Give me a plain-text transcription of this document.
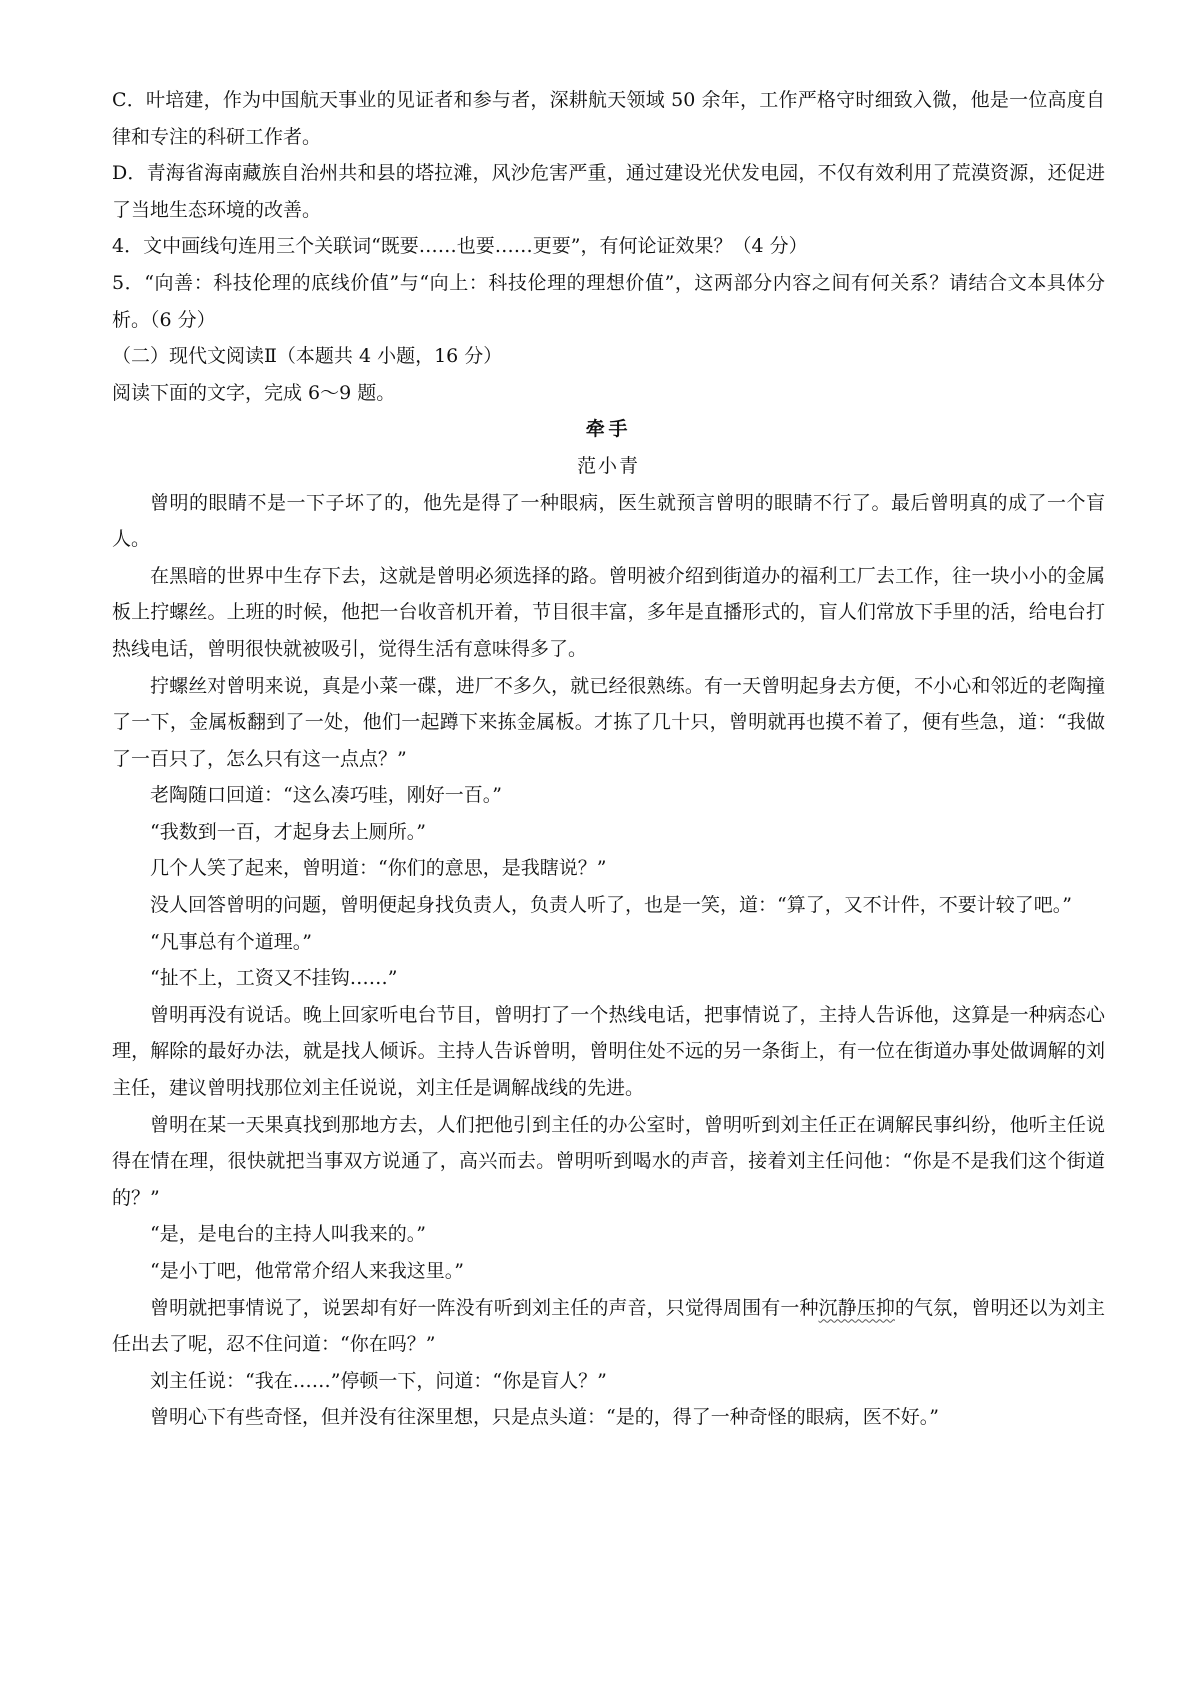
C．叶培建，作为中国航天事业的见证者和参与者，深耕航天领域 50 余年，工作严格守时细致入微，他是一位高度自律和专注的科研工作者。

D．青海省海南藏族自治州共和县的塔拉滩，风沙危害严重，通过建设光伏发电园，不仅有效利用了荒漠资源，还促进了当地生态环境的改善。

4．文中画线句连用三个关联词“既要……也要……更要”，有何论证效果？（4 分）

5．“向善：科技伦理的底线价值”与“向上：科技伦理的理想价值”，这两部分内容之间有何关系？请结合文本具体分析。（6 分）

（二）现代文阅读Ⅱ（本题共 4 小题，16 分）

阅读下面的文字，完成 6～9 题。

牵手

范小青

曾明的眼睛不是一下子坏了的，他先是得了一种眼病，医生就预言曾明的眼睛不行了。最后曾明真的成了一个盲人。

在黑暗的世界中生存下去，这就是曾明必须选择的路。曾明被介绍到街道办的福利工厂去工作，往一块小小的金属板上拧螺丝。上班的时候，他把一台收音机开着，节目很丰富，多年是直播形式的，盲人们常放下手里的活，给电台打热线电话，曾明很快就被吸引，觉得生活有意味得多了。

拧螺丝对曾明来说，真是小菜一碟，进厂不多久，就已经很熟练。有一天曾明起身去方便，不小心和邻近的老陶撞了一下，金属板翻到了一处，他们一起蹲下来拣金属板。才拣了几十只，曾明就再也摸不着了，便有些急，道：“我做了一百只了，怎么只有这一点点？”

老陶随口回道：“这么凑巧哇，刚好一百。”

“我数到一百，才起身去上厕所。”

几个人笑了起来，曾明道：“你们的意思，是我瞎说？”

没人回答曾明的问题，曾明便起身找负责人，负责人听了，也是一笑，道：“算了，又不计件，不要计较了吧。”

“凡事总有个道理。”

“扯不上，工资又不挂钩……”

曾明再没有说话。晚上回家听电台节目，曾明打了一个热线电话，把事情说了，主持人告诉他，这算是一种病态心理，解除的最好办法，就是找人倾诉。主持人告诉曾明，曾明住处不远的另一条街上，有一位在街道办事处做调解的刘主任，建议曾明找那位刘主任说说，刘主任是调解战线的先进。

曾明在某一天果真找到那地方去，人们把他引到主任的办公室时，曾明听到刘主任正在调解民事纠纷，他听主任说得在情在理，很快就把当事双方说通了，高兴而去。曾明听到喝水的声音，接着刘主任问他：“你是不是我们这个街道的？”

“是，是电台的主持人叫我来的。”

“是小丁吧，他常常介绍人来我这里。”

曾明就把事情说了，说罢却有好一阵没有听到刘主任的声音，只觉得周围有一种沉静压抑的气氛，曾明还以为刘主任出去了呢，忍不住问道：“你在吗？”

刘主任说：“我在……”停顿一下，问道：“你是盲人？”

曾明心下有些奇怪，但并没有往深里想，只是点头道：“是的，得了一种奇怪的眼病，医不好。”
